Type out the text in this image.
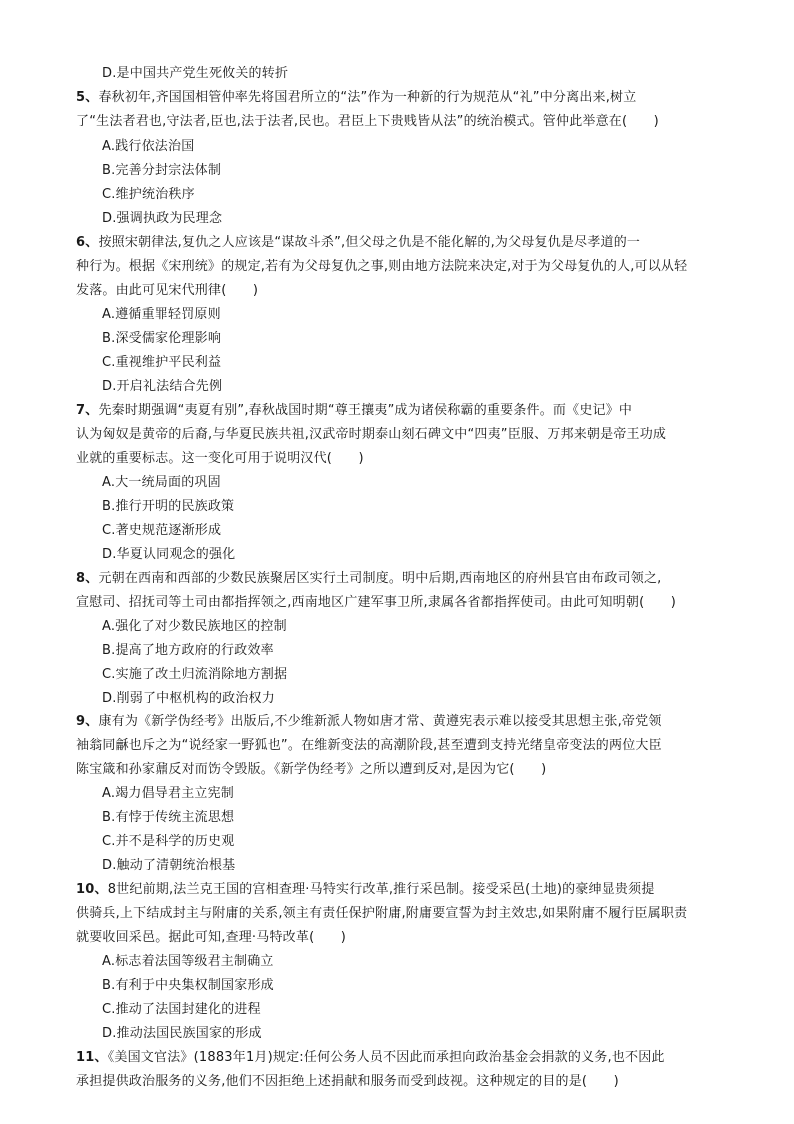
D.是中国共产党生死攸关的转折
5、春秋初年,齐国国相管仲率先将国君所立的“法”作为一种新的行为规范从“礼”中分离出来,树立
了“生法者君也,守法者,臣也,法于法者,民也。君臣上下贵贱皆从法”的统治模式。管仲此举意在(　　)
A.践行依法治国
B.完善分封宗法体制
C.维护统治秩序
D.强调执政为民理念
6、按照宋朝律法,复仇之人应该是“谋故斗杀”,但父母之仇是不能化解的,为父母复仇是尽孝道的一
种行为。根据《宋刑统》的规定,若有为父母复仇之事,则由地方法院来决定,对于为父母复仇的人,可以从轻
发落。由此可见宋代刑律(　　)
A.遵循重罪轻罚原则
B.深受儒家伦理影响
C.重视维护平民利益
D.开启礼法结合先例
7、先秦时期强调“夷夏有别”,春秋战国时期“尊王攘夷”成为诸侯称霸的重要条件。而《史记》中
认为匈奴是黄帝的后裔,与华夏民族共祖,汉武帝时期泰山刻石碑文中“四夷”臣服、万邦来朝是帝王功成
业就的重要标志。这一变化可用于说明汉代(　　)
A.大一统局面的巩固
B.推行开明的民族政策
C.著史规范逐渐形成
D.华夏认同观念的强化
8、元朝在西南和西部的少数民族聚居区实行土司制度。明中后期,西南地区的府州县官由布政司领之,
宣慰司、招抚司等土司由都指挥领之,西南地区广建军事卫所,隶属各省都指挥使司。由此可知明朝(　　)
A.强化了对少数民族地区的控制
B.提高了地方政府的行政效率
C.实施了改土归流消除地方割据
D.削弱了中枢机构的政治权力
9、康有为《新学伪经考》出版后,不少维新派人物如唐才常、黄遵宪表示难以接受其思想主张,帝党领
袖翁同龢也斥之为“说经家一野狐也”。在维新变法的高潮阶段,甚至遭到支持光绪皇帝变法的两位大臣
陈宝箴和孙家鼐反对而饬令毁版。《新学伪经考》之所以遭到反对,是因为它(　　)
A.竭力倡导君主立宪制
B.有悖于传统主流思想
C.并不是科学的历史观
D.触动了清朝统治根基
10、8世纪前期,法兰克王国的宫相查理·马特实行改革,推行采邑制。接受采邑(土地)的豪绅显贵须提
供骑兵,上下结成封主与附庸的关系,领主有责任保护附庸,附庸要宣誓为封主效忠,如果附庸不履行臣属职责
就要收回采邑。据此可知,查理·马特改革(　　)
A.标志着法国等级君主制确立
B.有利于中央集权制国家形成
C.推动了法国封建化的进程
D.推动法国民族国家的形成
11、《美国文官法》(1883年1月)规定:任何公务人员不因此而承担向政治基金会捐款的义务,也不因此
承担提供政治服务的义务,他们不因拒绝上述捐献和服务而受到歧视。这种规定的目的是(　　)
